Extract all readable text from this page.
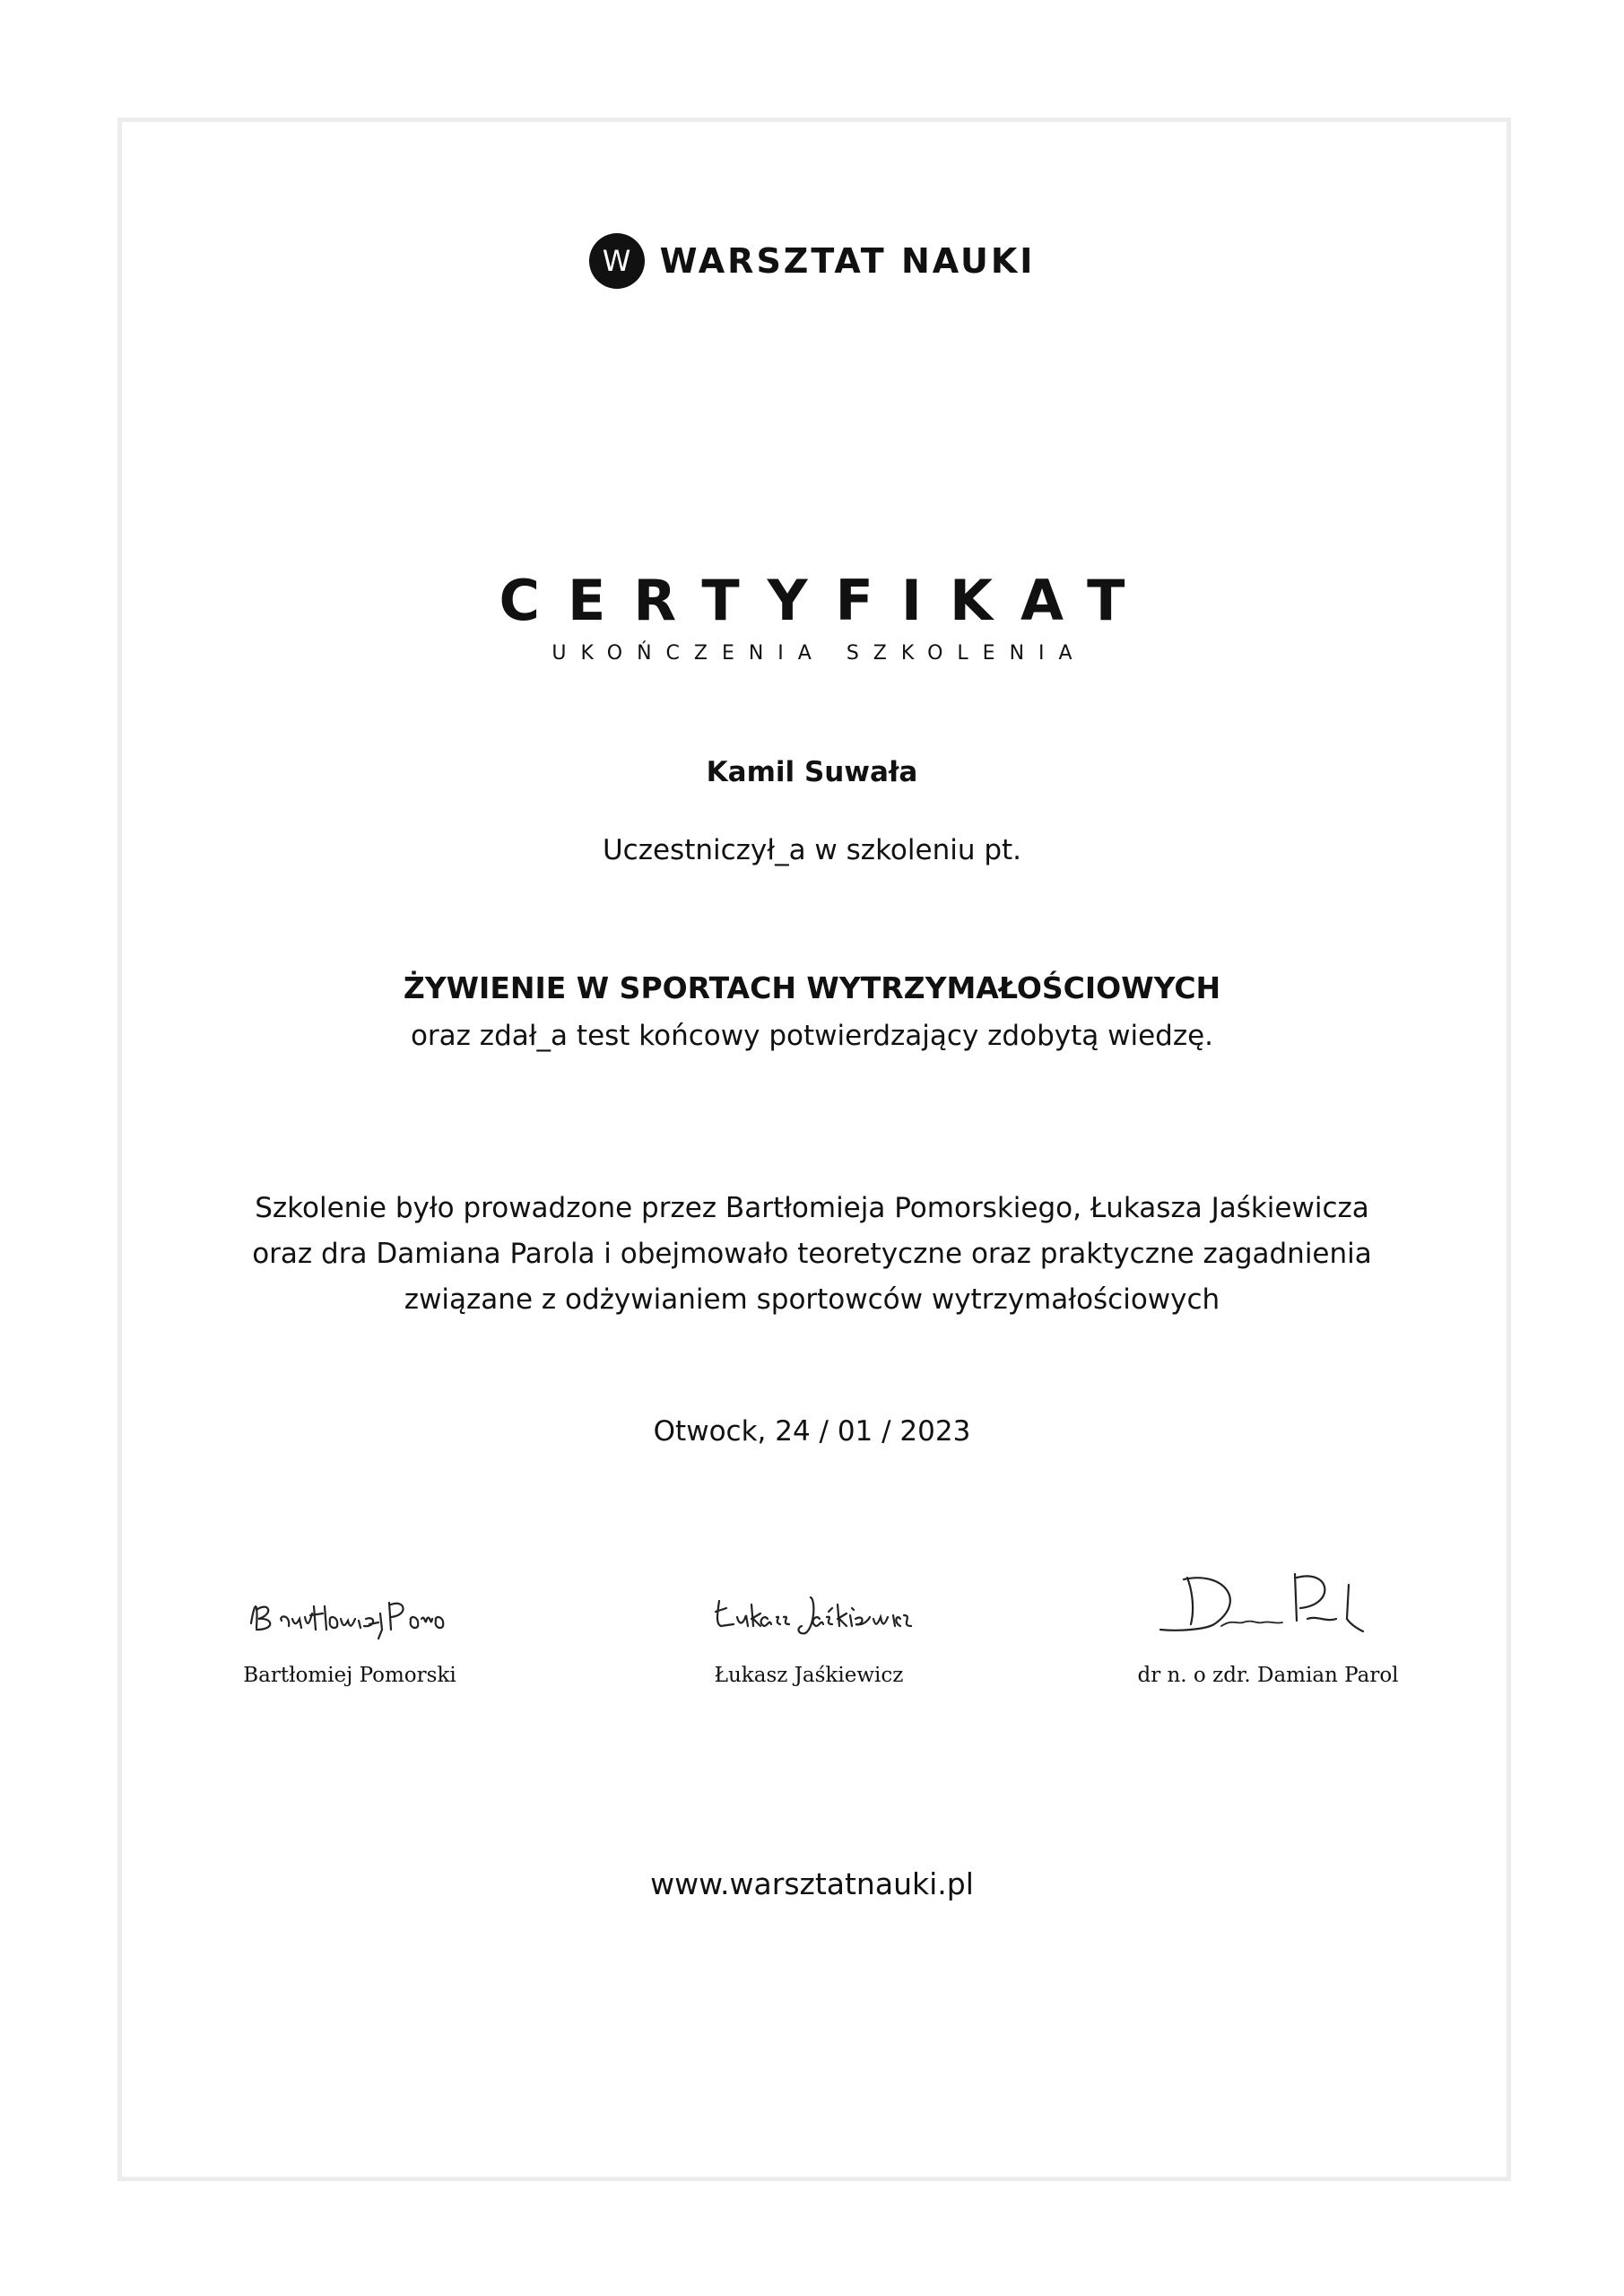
W WARSZTAT NAUKI
CERTYFIKAT
UKOŃCZENIA SZKOLENIA
Kamil Suwała
Uczestniczył_a w szkoleniu pt.
ŻYWIENIE W SPORTACH WYTRZYMAŁOŚCIOWYCH
oraz zdał_a test końcowy potwierdzający zdobytą wiedzę.
Szkolenie było prowadzone przez Bartłomieja Pomorskiego, Łukasza Jaśkiewicza
oraz dra Damiana Parola i obejmowało teoretyczne oraz praktyczne zagadnienia
związane z odżywianiem sportowców wytrzymałościowych
Otwock, 24 / 01 / 2023
Bartłomiej Pomorski	Łukasz Jaśkiewicz	dr n. o zdr. Damian Parol
www.warsztatnauki.pl
